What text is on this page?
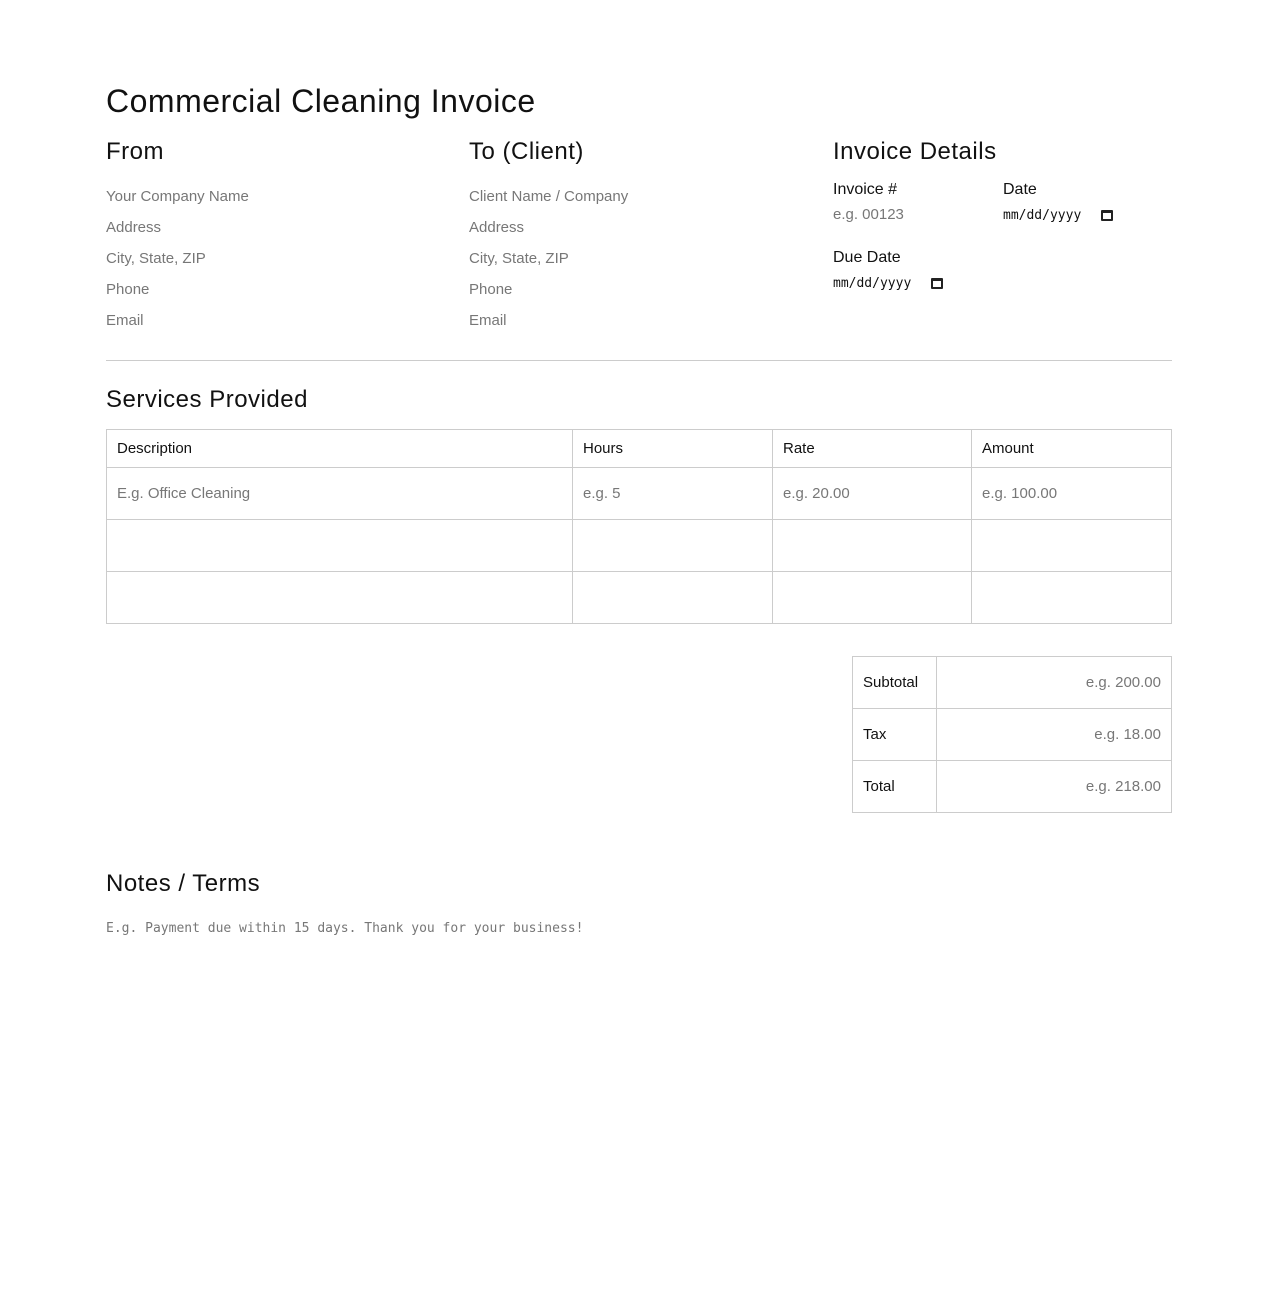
Commercial Cleaning Invoice
From
Your Company Name
Address
City, State, ZIP
Phone
Email	To (Client)
Client Name / Company
Address
City, State, ZIP
Phone
Email	Invoice Details
Invoice #
e.g. 00123	Date
mm/dd/yyyy
Due Date
mm/dd/yyyy
Services Provided
Description	Hours	Rate	Amount
E.g. Office Cleaning	e.g. 5	e.g. 20.00	e.g. 100.00

Subtotal	e.g. 200.00
Tax	e.g. 18.00
Total	e.g. 218.00
Notes / Terms
E.g. Payment due within 15 days. Thank you for your business!
